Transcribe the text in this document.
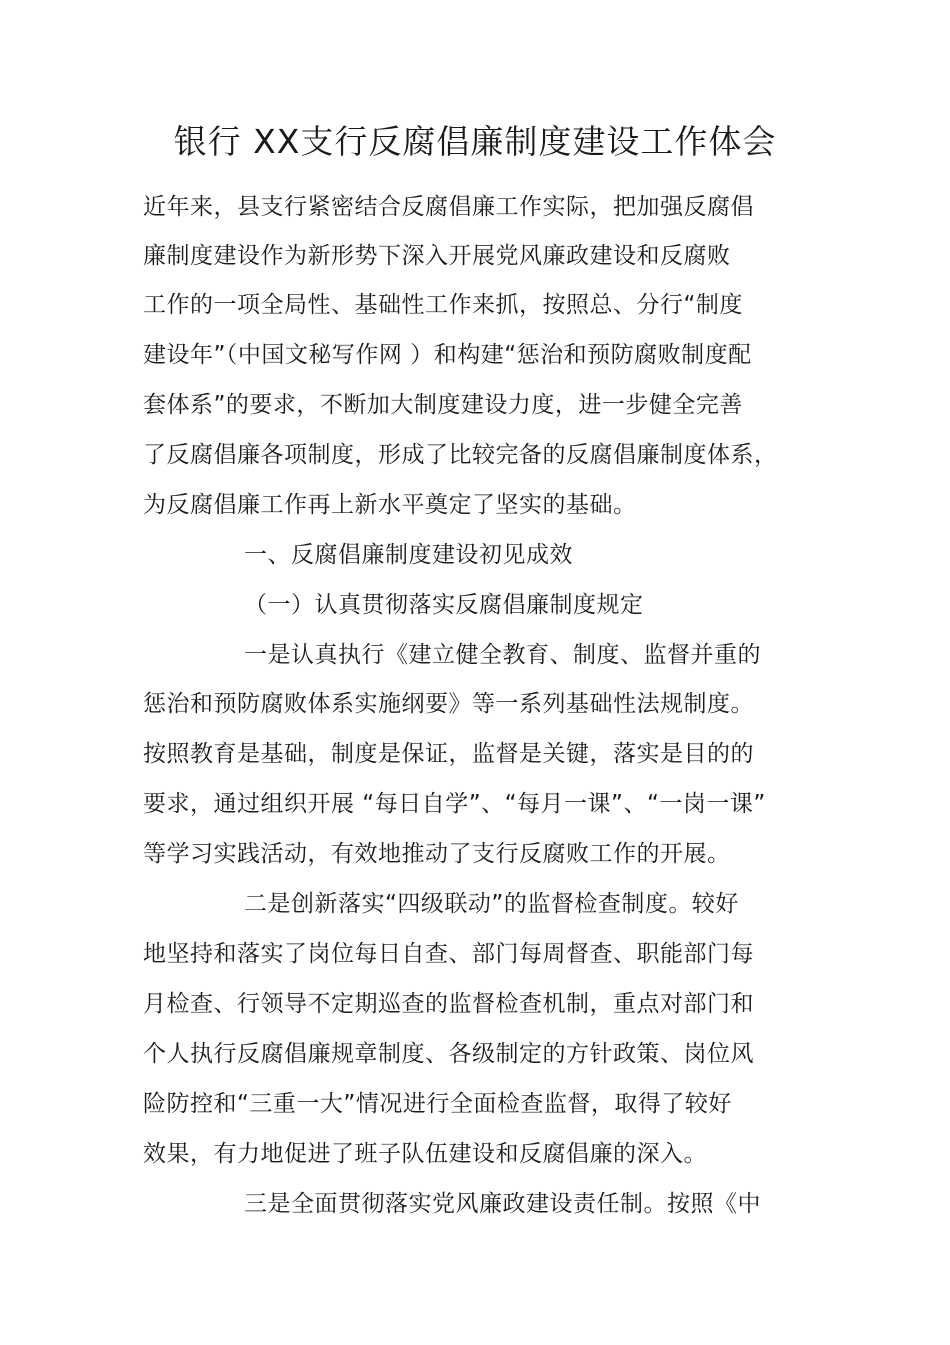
银行 XX支行反腐倡廉制度建设工作体会
近年来，县支行紧密结合反腐倡廉工作实际，把加强反腐倡
廉制度建设作为新形势下深入开展党风廉政建设和反腐败
工作的一项全局性、基础性工作来抓，按照总、分行“制度
建设年”（中国文秘写作网 ）和构建“惩治和预防腐败制度配
套体系”的要求，不断加大制度建设力度，进一步健全完善
了反腐倡廉各项制度，形成了比较完备的反腐倡廉制度体系，
为反腐倡廉工作再上新水平奠定了坚实的基础。
一、反腐倡廉制度建设初见成效
（一）认真贯彻落实反腐倡廉制度规定
一是认真执行《建立健全教育、制度、监督并重的
惩治和预防腐败体系实施纲要》等一系列基础性法规制度。
按照教育是基础，制度是保证，监督是关键，落实是目的的
要求，通过组织开展 “每日自学”、“每月一课”、“一岗一课”
等学习实践活动，有效地推动了支行反腐败工作的开展。
二是创新落实“四级联动”的监督检查制度。较好
地坚持和落实了岗位每日自查、部门每周督查、职能部门每
月检查、行领导不定期巡查的监督检查机制，重点对部门和
个人执行反腐倡廉规章制度、各级制定的方针政策、岗位风
险防控和“三重一大”情况进行全面检查监督，取得了较好
效果，有力地促进了班子队伍建设和反腐倡廉的深入。
三是全面贯彻落实党风廉政建设责任制。按照《中
